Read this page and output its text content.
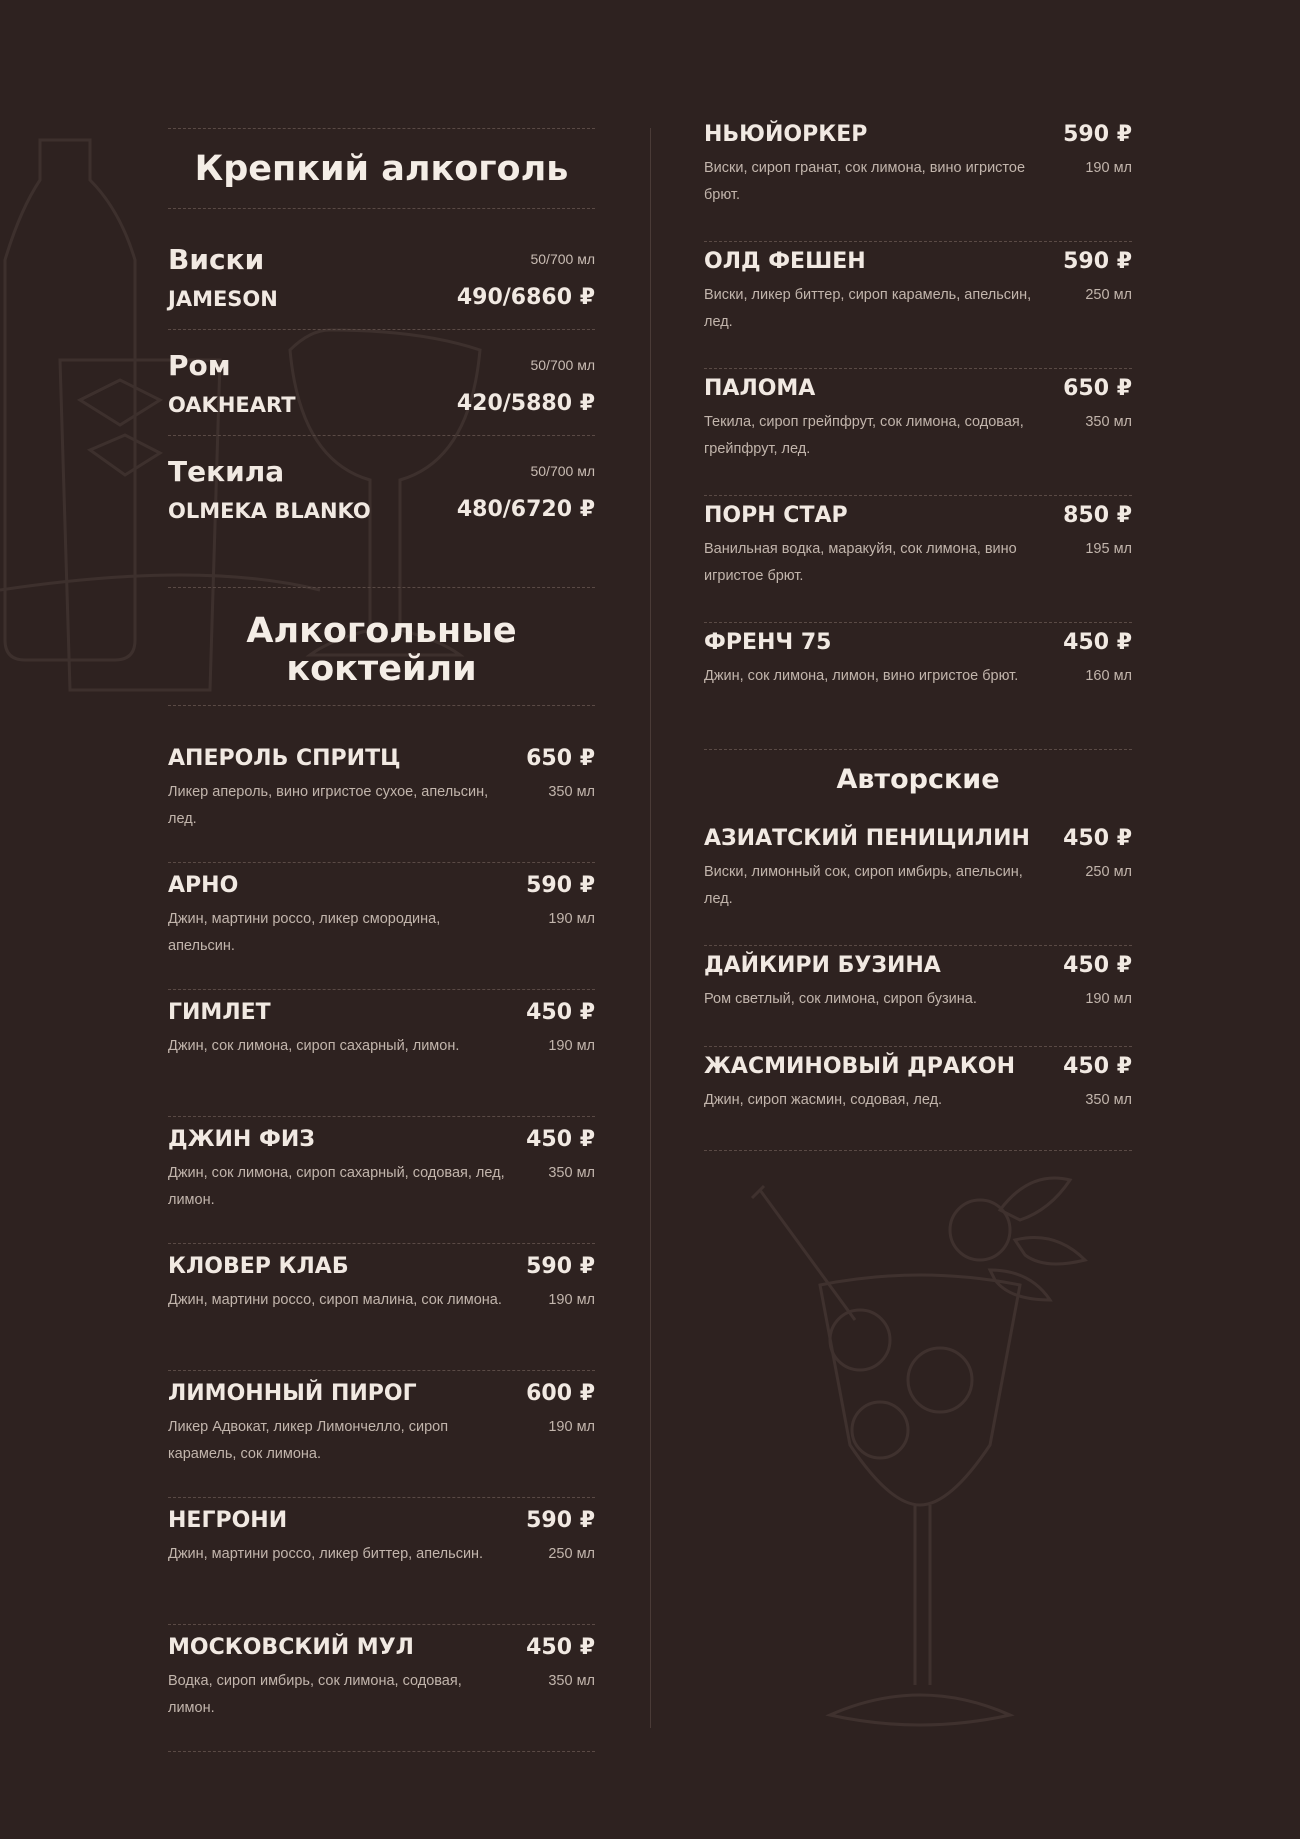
Крепкий алкоголь
Виски	50/700 мл
JAMESON	490/6860 ₽
Ром	50/700 мл
OAKHEART	420/5880 ₽
Текила	50/700 мл
OLMEKA BLANKO	480/6720 ₽
Алкогольные
коктейли
АПЕРОЛЬ СПРИТЦ	650 ₽
Ликер апероль, вино игристое сухое, апельсин, лед.
350 мл
АРНО	590 ₽
Джин, мартини россо, ликер смородина, апельсин.
190 мл
ГИМЛЕТ	450 ₽
Джин, сок лимона, сироп сахарный, лимон.	190 мл
ДЖИН ФИЗ	450 ₽
Джин, сок лимона, сироп сахарный, содовая, лед, лимон.
350 мл
КЛОВЕР КЛАБ	590 ₽
Джин, мартини россо, сироп малина, сок лимона.	190 мл
ЛИМОННЫЙ ПИРОГ	600 ₽
Ликер Адвокат, ликер Лимончелло, сироп карамель, сок лимона.
190 мл
НЕГРОНИ	590 ₽
Джин, мартини россо, ликер биттер, апельсин.	250 мл
МОСКОВСКИЙ МУЛ	450 ₽
Водка, сироп имбирь, сок лимона, содовая, лимон.
350 мл
НЬЮЙОРКЕР	590 ₽
Виски, сироп гранат, сок лимона, вино игристое брют.
190 мл
ОЛД ФЕШЕН	590 ₽
Виски, ликер биттер, сироп карамель, апельсин, лед.
250 мл
ПАЛОМА	650 ₽
Текила, сироп грейпфрут, сок лимона, содовая, грейпфрут, лед.
350 мл
ПОРН СТАР	850 ₽
Ванильная водка, маракуйя, сок лимона, вино игристое брют.
195 мл
ФРЕНЧ 75	450 ₽
Джин, сок лимона, лимон, вино игристое брют.	160 мл
Авторские
АЗИАТСКИЙ ПЕНИЦИЛИН 450 ₽
Виски, лимонный сок, сироп имбирь, апельсин, лед.
250 мл
ДАЙКИРИ БУЗИНА	450 ₽
Ром светлый, сок лимона, сироп бузина.	190 мл
ЖАСМИНОВЫЙ ДРАКОН 450 ₽
Джин, сироп жасмин, содовая, лед.	350 мл
